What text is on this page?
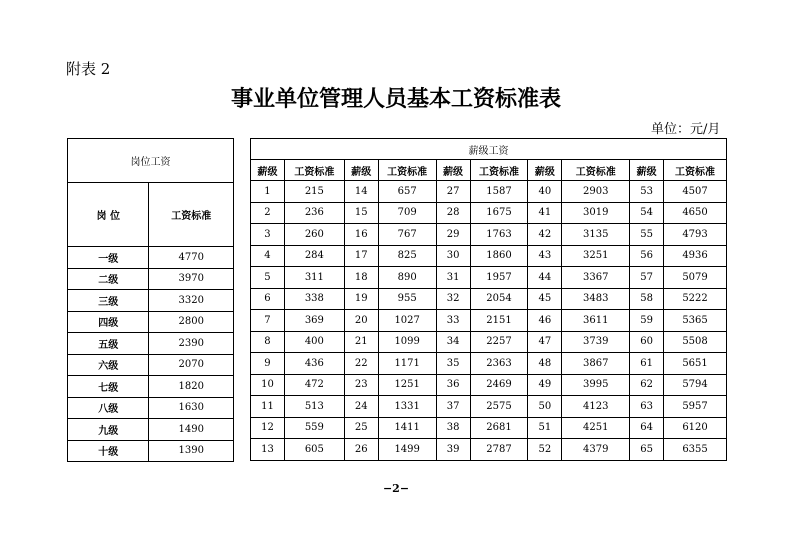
附表 2
事业单位管理人员基本工资标准表
单位：元/月
岗位工资	
岗 位	工资标准
一级	4770
二级	3970
三级	3320
四级	2800
五级	2390
六级	2070
七级	1820
八级	1630
九级	1490
十级	1390
薪级工资									
薪级	工资标准	薪级	工资标准	薪级	工资标准	薪级	工资标准	薪级	工资标准
1	215	14	657	27	1587	40	2903	53	4507
2	236	15	709	28	1675	41	3019	54	4650
3	260	16	767	29	1763	42	3135	55	4793
4	284	17	825	30	1860	43	3251	56	4936
5	311	18	890	31	1957	44	3367	57	5079
6	338	19	955	32	2054	45	3483	58	5222
7	369	20	1027	33	2151	46	3611	59	5365
8	400	21	1099	34	2257	47	3739	60	5508
9	436	22	1171	35	2363	48	3867	61	5651
10	472	23	1251	36	2469	49	3995	62	5794
11	513	24	1331	37	2575	50	4123	63	5957
12	559	25	1411	38	2681	51	4251	64	6120
13	605	26	1499	39	2787	52	4379	65	6355
−2−
